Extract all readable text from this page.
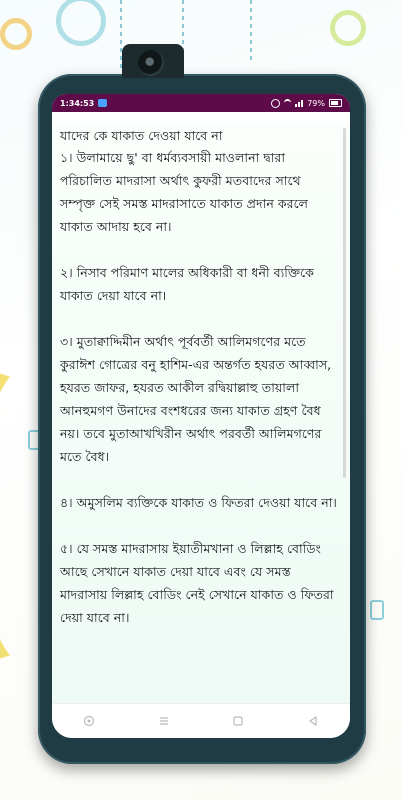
1:34:53	79%
যাদের কে যাকাত দেওয়া যাবে না

১। উলামায়ে ছু' বা ধর্মব্যবসায়ী মাওলানা দ্বারা পরিচালিত মাদরাসা অর্থাৎ কুফরী মতবাদের সাথে সম্পৃক্ত সেই সমস্ত মাদরাসাতে যাকাত প্রদান করলে যাকাত আদায় হবে না।

২। নিসাব পরিমাণ মালের অধিকারী বা ধনী ব্যক্তিকে যাকাত দেয়া যাবে না।

৩। মুতাক্বাদ্দিমীন অর্থাৎ পূর্ববর্তী আলিমগণের মতে কুরাঈশ গোত্রের বনু হাশিম-এর অন্তর্গত হযরত আব্বাস, হযরত জাফর, হযরত আকীল রদ্বিয়াল্লাহু তায়ালা আনহুমগণ উনাদের বংশধরের জন্য যাকাত গ্রহণ বৈধ নয়। তবে মুতাআখখিরীন অর্থাৎ পরবর্তী আলিমগণের মতে বৈধ।

৪। অমুসলিম ব্যক্তিকে যাকাত ও ফিতরা দেওয়া যাবে না।

৫। যে সমস্ত মাদরাসায় ইয়াতীমখানা ও লিল্লাহ বোডিং আছে সেখানে যাকাত দেয়া যাবে এবং যে সমস্ত মাদরাসায় লিল্লাহ বোডিং নেই সেখানে যাকাত ও ফিতরা দেয়া যাবে না।
